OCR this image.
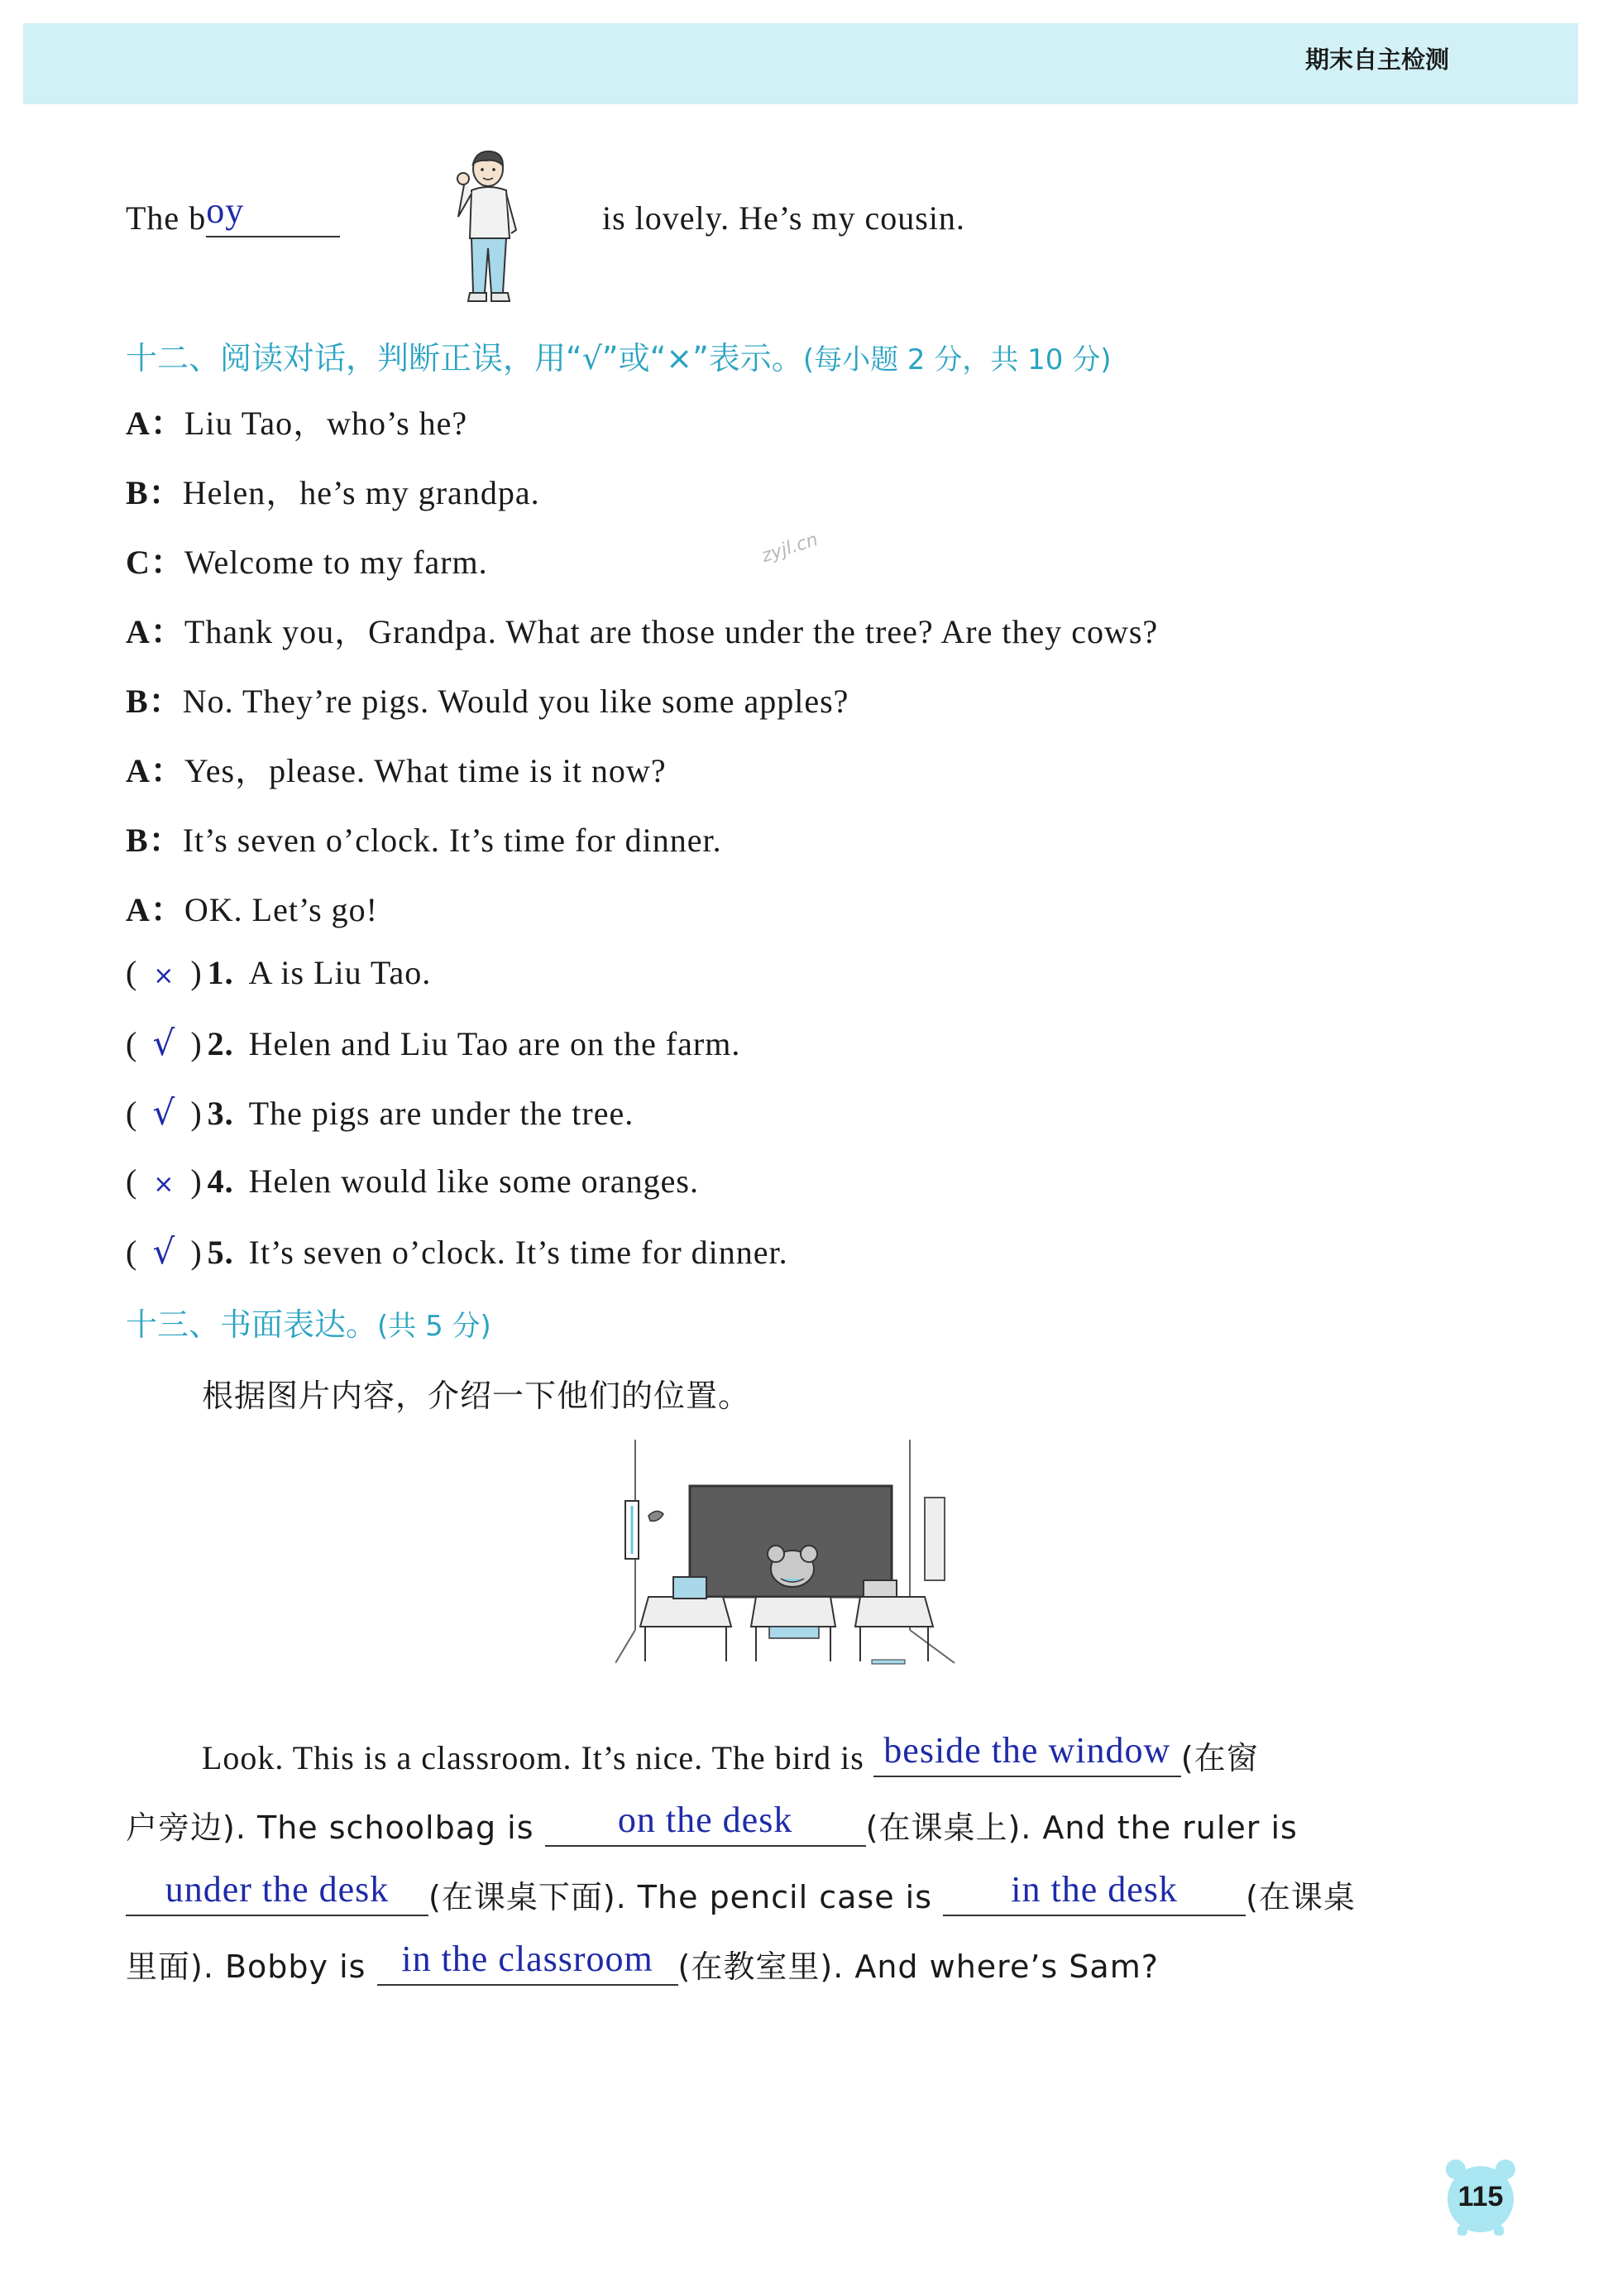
期末自主检测
The boy	is lovely. He’s my cousin.
十二、阅读对话，判断正误，用“√”或“×”表示。(每小题 2 分，共 10 分)
A：Liu Tao，who’s he?
B：Helen，he’s my grandpa.
C：Welcome to my farm.
A：Thank you，Grandpa. What are those under the tree? Are they cows?
B：No. They’re pigs. Would you like some apples?
A：Yes，please. What time is it now?
B：It’s seven o’clock. It’s time for dinner.
A：OK. Let’s go!
zyjl.cn
( × ) 1. A is Liu Tao.
( √ ) 2. Helen and Liu Tao are on the farm.
( √ ) 3. The pigs are under the tree.
( × ) 4. Helen would like some oranges.
( √ ) 5. It’s seven o’clock. It’s time for dinner.
十三、书面表达。(共 5 分)
根据图片内容，介绍一下他们的位置。
Look. This is a classroom. It’s nice. The bird is beside the window (在窗
户旁边). The schoolbag is on the desk (在课桌上). And the ruler is
under the desk (在课桌下面). The pencil case is in the desk (在课桌
里面). Bobby is in the classroom (在教室里). And where’s Sam?
115
